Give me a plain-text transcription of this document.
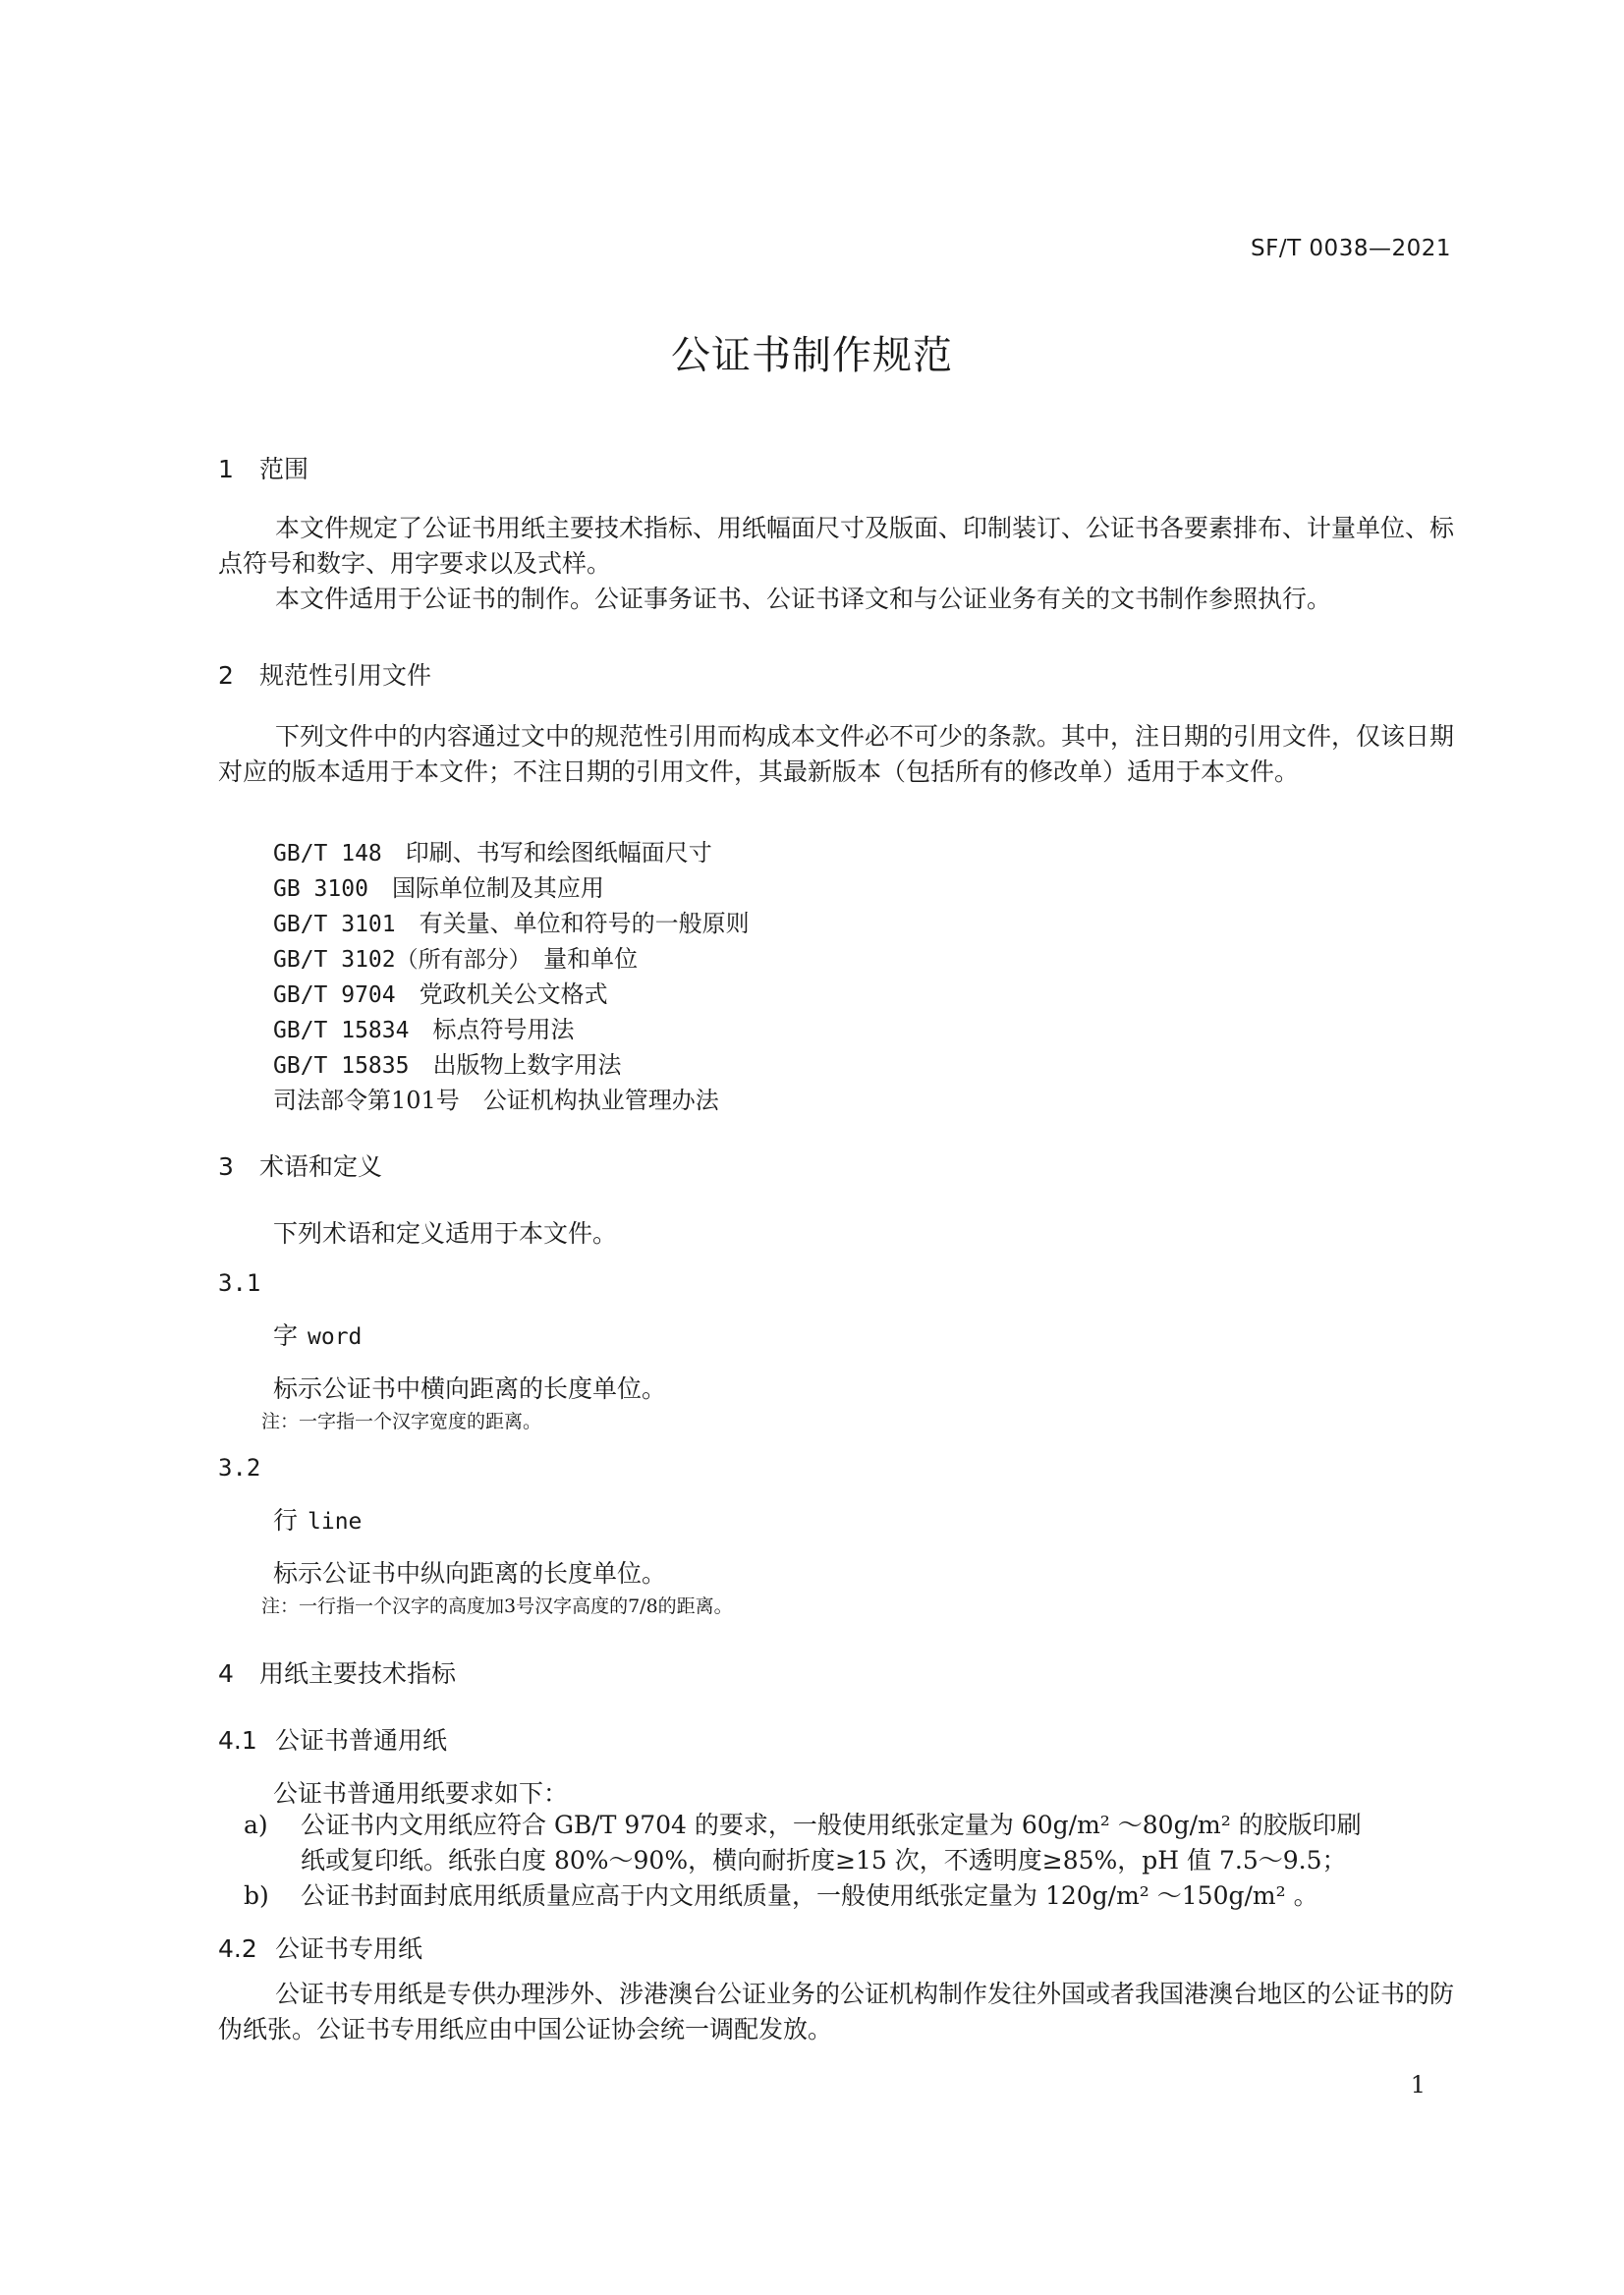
SF/T 0038—2021
公证书制作规范
1 范围
本文件规定了公证书用纸主要技术指标、用纸幅面尺寸及版面、印制装订、公证书各要素排布、计量单位、标点符号和数字、用字要求以及式样。
本文件适用于公证书的制作。公证事务证书、公证书译文和与公证业务有关的文书制作参照执行。
2 规范性引用文件
下列文件中的内容通过文中的规范性引用而构成本文件必不可少的条款。其中，注日期的引用文件，仅该日期对应的版本适用于本文件；不注日期的引用文件，其最新版本（包括所有的修改单）适用于本文件。
GB/T 148　 印刷、书写和绘图纸幅面尺寸
GB 3100　 国际单位制及其应用
GB/T 3101　 有关量、单位和符号的一般原则
GB/T 3102（所有部分）　 量和单位
GB/T 9704　 党政机关公文格式
GB/T 15834　 标点符号用法
GB/T 15835　 出版物上数字用法
司法部令第101号　 公证机构执业管理办法
3 术语和定义
下列术语和定义适用于本文件。
3.1
字 word
标示公证书中横向距离的长度单位。
注：一字指一个汉字宽度的距离。
3.2
行 line
标示公证书中纵向距离的长度单位。
注：一行指一个汉字的高度加3号汉字高度的7/8的距离。
4 用纸主要技术指标
4.1 公证书普通用纸
公证书普通用纸要求如下：
a) 公证书内文用纸应符合 GB/T 9704 的要求，一般使用纸张定量为 60g/m² ～80g/m² 的胶版印刷
纸或复印纸。纸张白度 80%～90%，横向耐折度≥15 次，不透明度≥85%，pH 值 7.5～9.5；
b) 公证书封面封底用纸质量应高于内文用纸质量，一般使用纸张定量为 120g/m² ～150g/m² 。
4.2 公证书专用纸
公证书专用纸是专供办理涉外、涉港澳台公证业务的公证机构制作发往外国或者我国港澳台地区的公证书的防伪纸张。公证书专用纸应由中国公证协会统一调配发放。
1
